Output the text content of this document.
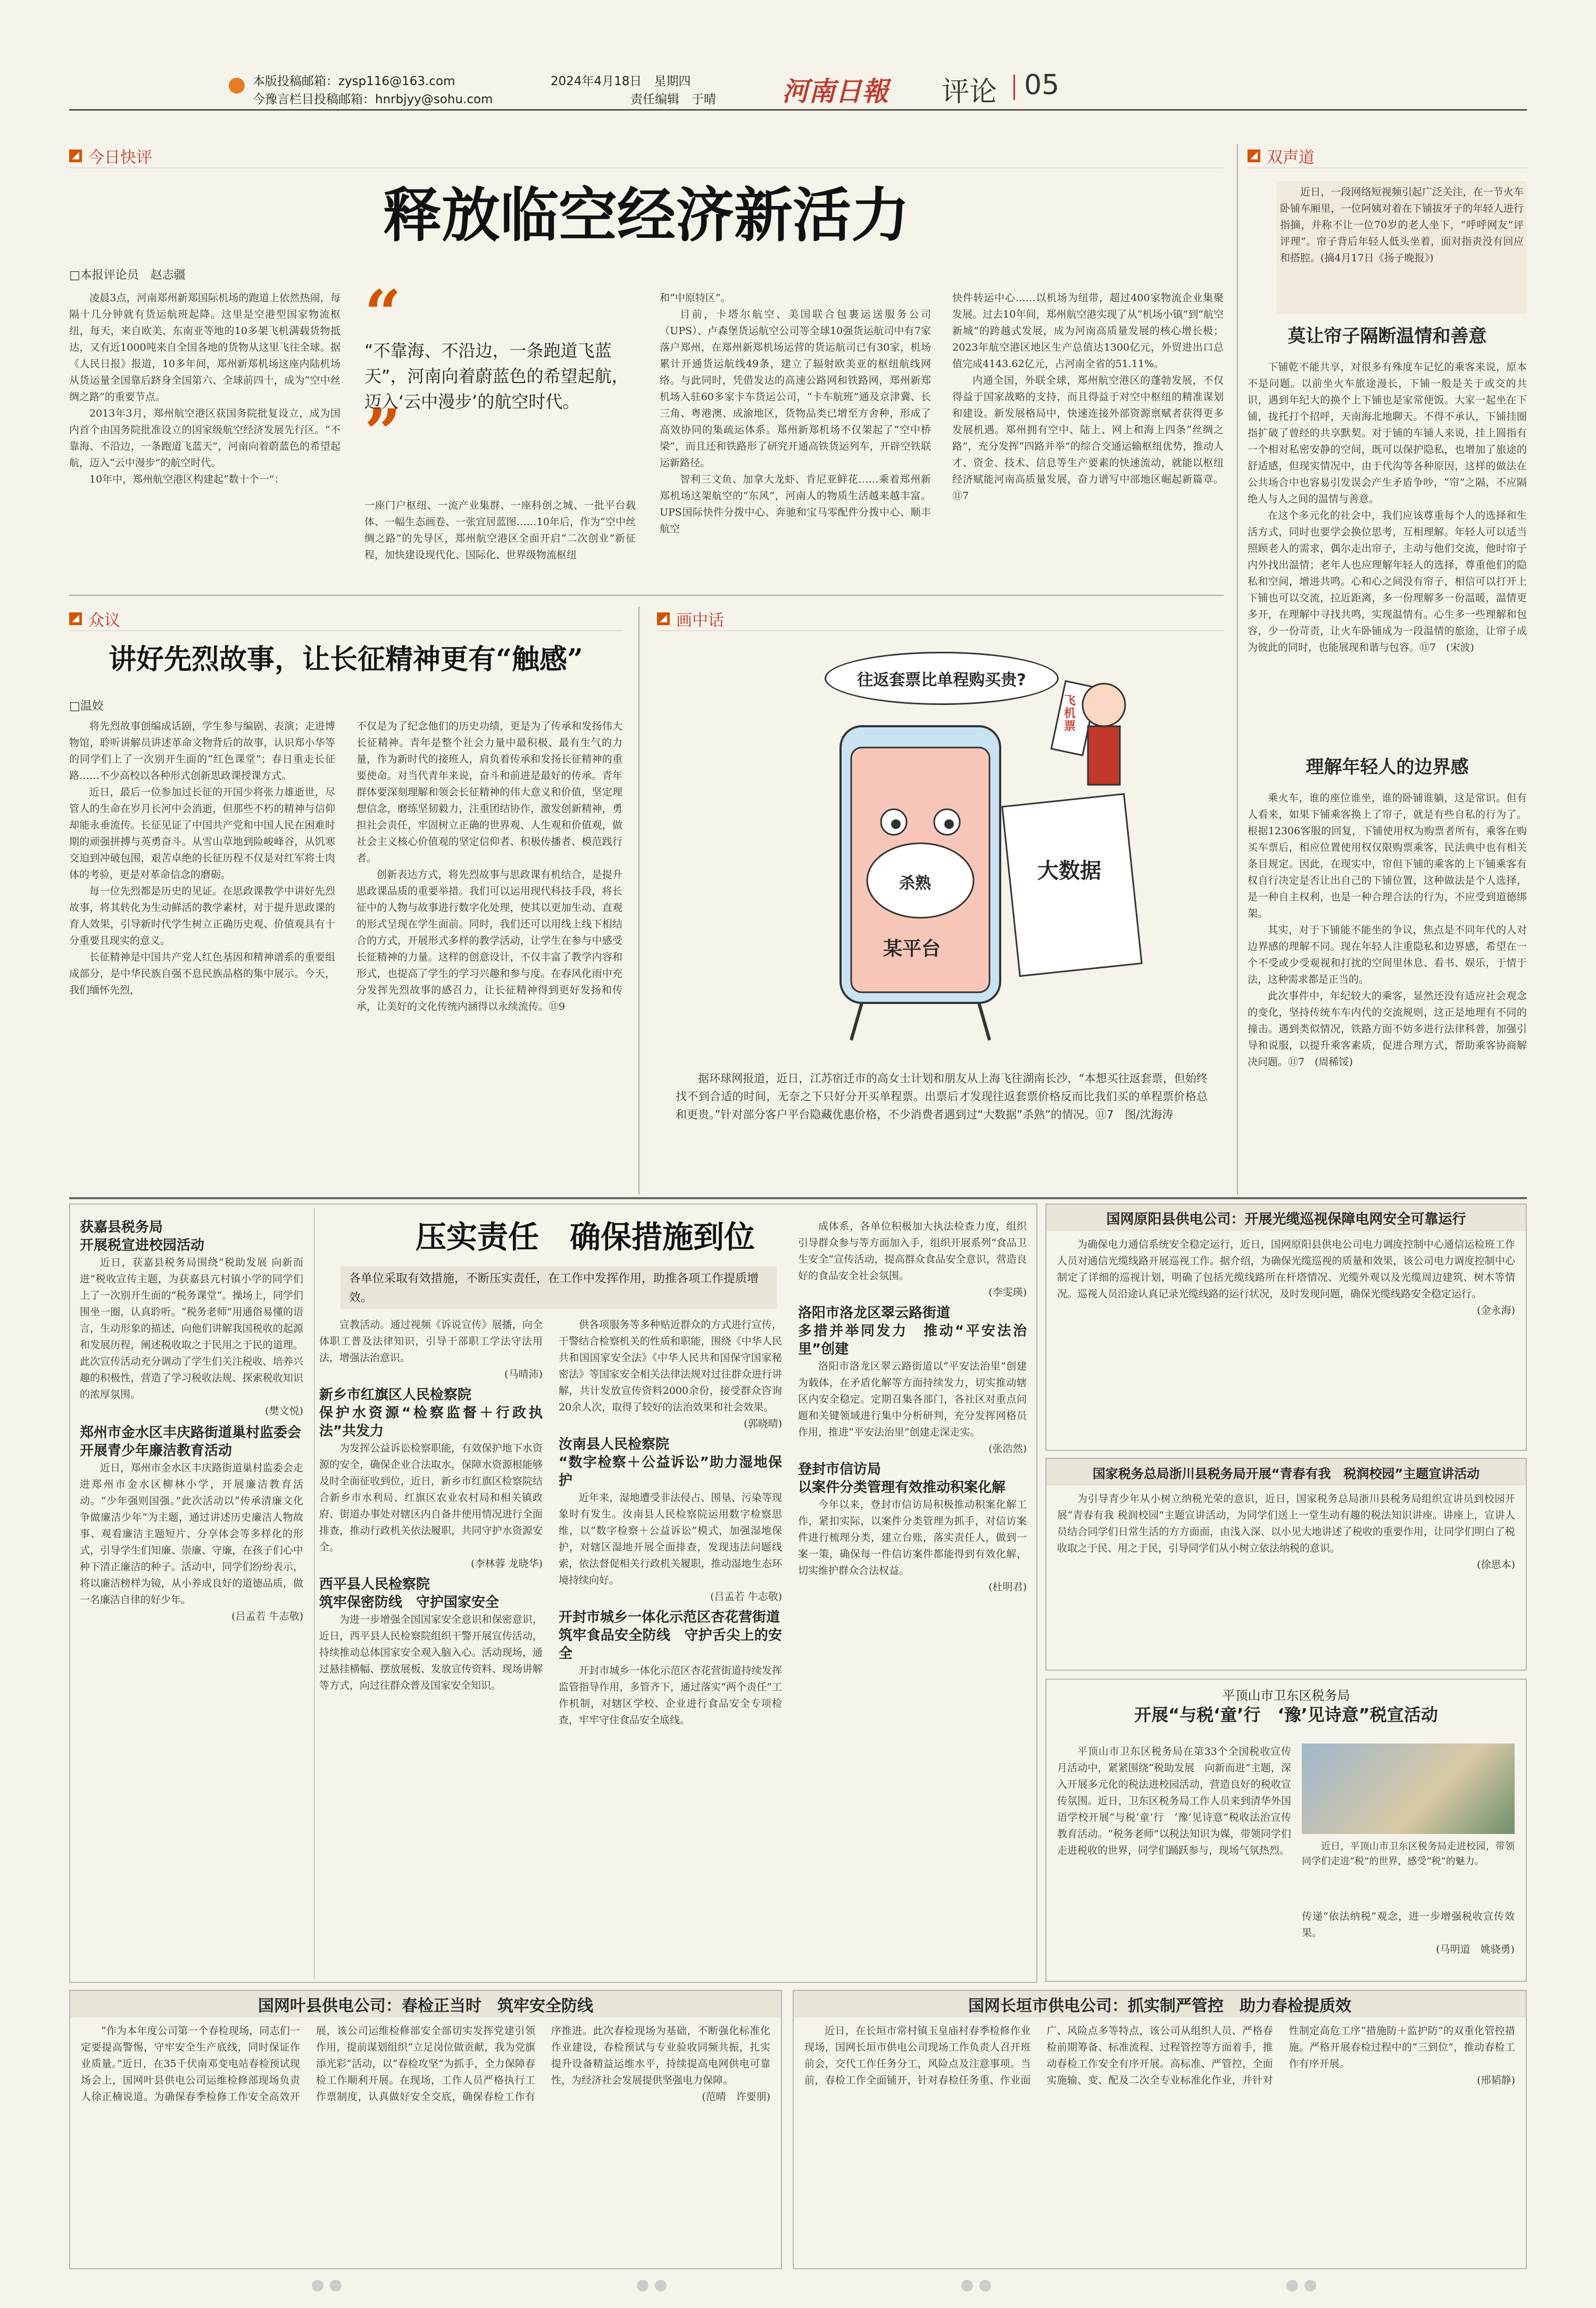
本版投稿邮箱：zysp116@163.com
今豫言栏目投稿邮箱：hnrbjyy@sohu.com
2024年4月18日　星期四
责任编辑　于晴 河南日報 评论 05
今日快评
释放临空经济新活力
□本报评论员　赵志疆

凌晨3点，河南郑州新郑国际机场的跑道上依然热闹，每隔十几分钟就有货运航班起降。这里是空港型国家物流枢纽，每天，来自欧美、东南亚等地的10多架飞机满载货物抵达，又有近1000吨来自全国各地的货物从这里飞往全球。据《人民日报》报道，10多年间，郑州新郑机场这座内陆机场从货运量全国靠后跻身全国第六、全球前四十，成为“空中丝绸之路”的重要节点。

2013年3月，郑州航空港区获国务院批复设立，成为国内首个由国务院批准设立的国家级航空经济发展先行区。“不靠海、不沿边，一条跑道飞蓝天”，河南向着蔚蓝色的希望起航，迈入“云中漫步”的航空时代。

10年中，郑州航空港区构建起“数十个一”：

“
“不靠海、不沿边，一条跑道飞蓝天”，河南向着蔚蓝色的希望起航，迈入‘云中漫步’的航空时代。
”

一座门户枢纽、一流产业集群、一座科创之城、一批平台载体、一幅生态画卷、一张宜居蓝图……10年后，作为“空中丝绸之路”的先导区，郑州航空港区全面开启“二次创业”新征程，加快建设现代化、国际化、世界级物流枢纽

和“中原特区”。

目前，卡塔尔航空、美国联合包裹运送服务公司（UPS）、卢森堡货运航空公司等全球10强货运航司中有7家落户郑州，在郑州新郑机场运营的货运航司已有30家，机场累计开通货运航线49条，建立了辐射欧美亚的枢纽航线网络。与此同时，凭借发达的高速公路网和铁路网，郑州新郑机场入驻60多家卡车货运公司，“卡车航班”通及京津冀、长三角、粤港澳、成渝地区，货物品类已增至方舍种，形成了高效协同的集疏运体系。郑州新郑机场不仅架起了“空中桥梁”，而且还和铁路形了研究开通高铁货运列车，开辟空铁联运新路径。

智利三文鱼、加拿大龙虾、肯尼亚鲜花……乘着郑州新郑机场这架航空的“东风”，河南人的物质生活越来越丰富。UPS国际快件分拨中心、奔驰和宝马零配件分拨中心、顺丰航空

快件转运中心……以机场为纽带，超过400家物流企业集聚发展。过去10年间，郑州航空港实现了从“机场小镇”到“航空新城”的跨越式发展，成为河南高质量发展的核心增长极；2023年航空港区地区生产总值达1300亿元，外贸进出口总值完成4143.62亿元，占河南全省的51.11%。

内通全国，外联全球，郑州航空港区的蓬勃发展，不仅得益于国家战略的支持，而且得益于对空中枢纽的精准谋划和建设。新发展格局中，快速连接外部资源禀赋者获得更多发展机遇。郑州拥有空中、陆上、网上和海上四条“丝绸之路”，充分发挥“四路并举”的综合交通运输枢纽优势，推动人才、资金、技术、信息等生产要素的快速流动，就能以枢纽经济赋能河南高质量发展，奋力谱写中部地区崛起新篇章。⑪7

众议
讲好先烈故事，让长征精神更有“触感”
□温姣

将先烈故事创编成话剧，学生参与编剧、表演；走进博物馆，聆听讲解员讲述革命文物背后的故事，认识郑小华等的同学们上了一次别开生面的“红色课堂”；春日重走长征路……不少高校以各种形式创新思政课授课方式。

近日，最后一位参加过长征的开国少将张力雄逝世，尽管人的生命在岁月长河中会消逝，但那些不朽的精神与信仰却能永垂流传。长征见证了中国共产党和中国人民在困难时期的顽强拼搏与英勇奋斗。从雪山草地到险峻峰谷，从饥寒交迫到冲破包围，艰苦卓绝的长征历程不仅是对红军将士肉体的考验，更是对革命信念的磨砺。

每一位先烈都是历史的见证。在思政课教学中讲好先烈故事，将其转化为生动鲜活的教学素材，对于提升思政课的育人效果，引导新时代学生树立正确历史观、价值观具有十分重要且现实的意义。

长征精神是中国共产党人红色基因和精神谱系的重要组成部分，是中华民族自强不息民族品格的集中展示。今天，我们缅怀先烈，

不仅是为了纪念他们的历史功绩，更是为了传承和发扬伟大长征精神。青年是整个社会力量中最积极、最有生气的力量，作为新时代的接班人，肩负着传承和发扬长征精神的重要使命。对当代青年来说，奋斗和前进是最好的传承。青年群体要深刻理解和领会长征精神的伟大意义和价值，坚定理想信念，磨练坚韧毅力，注重团结协作，激发创新精神，勇担社会责任，牢固树立正确的世界观、人生观和价值观，做社会主义核心价值观的坚定信仰者、积极传播者、模范践行者。

创新表达方式，将先烈故事与思政课有机结合，是提升思政课品质的重要举措。我们可以运用现代科技手段，将长征中的人物与故事进行数字化处理，使其以更加生动、直观的形式呈现在学生面前。同时，我们还可以用线上线下相结合的方式，开展形式多样的教学活动，让学生在参与中感受长征精神的力量。这样的创意设计，不仅丰富了教学内容和形式，也提高了学生的学习兴趣和参与度。在春风化雨中充分发挥先烈故事的感召力，让长征精神得到更好发扬和传承，让美好的文化传统内涵得以永续流传。⑪9

画中话
往返套票比单程购买贵?
杀熟
某平台
大数据
飞机票

据环球网报道，近日，江苏宿迁市的高女士计划和朋友从上海飞往湖南长沙，“本想买往返套票，但始终找不到合适的时间，无奈之下只好分开买单程票。出票后才发现往返套票价格反而比我们买的单程票价格总和更贵。”针对部分客户平台隐藏优惠价格，不少消费者遇到过“大数据”杀熟”的情况。⑪7　图/沈海涛

双声道

近日，一段网络短视频引起广泛关注，在一节火车卧铺车厢里，一位阿姨对着在下铺拔牙子的年轻人进行指摘，并称不让一位70岁的老人坐下，“呼呼网友“评评理”。帘子背后年轻人低头坐着，面对指责没有回应和搭腔。(摘4月17日《扬子晚报》)

莫让帘子隔断温情和善意

下铺乾不能共享，对很多有殊度车记忆的乘客来说，原本不是问题。以前坐火车旅途漫长，下铺一般是关于或交的共识，遇到年纪大的换个上下铺也是家常便饭。大家一起坐在下铺，拢托打个招呼，天南海北地聊天。不得不承认，下铺挂圈指扩破了曾经的共享默契。对于铺的车铺人来说，挂上圆指有一个相对私密安静的空间，既可以保护隐私，也增加了旅途的舒适感，但现实情况中，由于代沟等各种原因，这样的做法在公共场合中也容易引发误会产生矛盾争吵，“帘”之隔，不应隔绝人与人之间的温情与善意。

在这个多元化的社会中，我们应该尊重每个人的选择和生活方式，同时也要学会换位思考，互相理解。年轻人可以适当照顾老人的需求，偶尔走出帘子，主动与他们交流，他时帘子内外找出温情；老年人也应理解年轻人的选择，尊重他们的隐私和空间，增进共鸣。心和心之间没有帘子，相信可以打开上下铺也可以交流，拉近距离，多一份理解多一份温暖，温情更多开，在理解中寻找共鸣，实现温情有。心生多一些理解和包容，少一份苛责，让火车卧铺成为一段温情的旅途，让帘子成为彼此的同时，也能展现和谐与包容。⑪7　(宋波)

理解年轻人的边界感

乘火车，谁的座位谁坐，谁的卧铺谁躺，这是常识。但有人看来，如果下铺乘客换上了帘子，就是有些自私的行为了。根据12306客服的回复，下铺使用权为购票者所有，乘客在购买车票后，相应位置使用权仅限购票乘客，民法典中也有相关条目规定。因此，在现实中，帘但下铺的乘客的上下铺乘客有权自行决定是否让出自己的下铺位置，这种做法是个人选择，是一种自主权利，也是一种合理合法的行为，不应受到道德绑架。

其实，对于下铺能不能坐的争议，焦点是不同年代的人对边界感的理解不同。现在年轻人注重隐私和边界感，希望在一个不受或少受观视和打扰的空间里休息、看书、娱乐，于情于法，这种需求都是正当的。

此次事件中，年纪较大的乘客，显然还没有适应社会观念的变化，坚持传统车车内代的交流规则，这正是地理有不同的撞击。遇到类似情况，铁路方面不妨多进行法律科普，加强引导和说服，以提升乘客素质，促进合理方式，帮助乘客协商解决问题。⑪7　(周稀馁)

压实责任　确保措施到位
各单位采取有效措施，不断压实责任，在工作中发挥作用，助推各项工作提质增效。
获嘉县税务局
开展税宣进校园活动

近日，获嘉县税务局围绕“税助发展 向新而进”税收宣传主题，为获嘉县亢村镇小学的同学们上了一次别开生面的“税务课堂”。操场上，同学们围坐一圈，认真聆听。“税务老师”用通俗易懂的语言，生动形象的描述，向他们讲解我国税收的起源和发展历程，阐述税收取之于民用之于民的道理。此次宣传活动充分调动了学生们关注税收、培养兴趣的积极性，营造了学习税收法规、探索税收知识的浓厚氛围。

(樊文悦)
郑州市金水区丰庆路街道巢村监委会
开展青少年廉洁教育活动

近日，郑州市金水区丰庆路街道巢村监委会走进郑州市金水区柳林小学，开展廉洁教育活动。“少年强则国强。”此次活动以“传承清廉文化 争做廉洁少年”为主题，通过讲述历史廉洁人物故事、观看廉洁主题短片、分享体会等多样化的形式，引导学生们知廉、崇廉、守廉，在孩子们心中种下清正廉洁的种子。活动中，同学们纷纷表示，将以廉洁榜样为镜，从小养成良好的道德品质，做一名廉洁自律的好少年。

(吕孟若 牛志敬)

宣教活动。通过视频《诉说宣传》展播，向全体职工普及法律知识，引导干部职工学法守法用法，增强法治意识。

(马晴沛)
新乡市红旗区人民检察院
保护水资源“检察监督＋行政执法”共发力

为发挥公益诉讼检察职能，有效保护地下水资源的安全，确保企业合法取水，保障水资源根能够及时全面征收到位，近日，新乡市红旗区检察院结合新乡市水利局、红旗区农业农村局和相关镇政府、街道办事处对辖区内自备井使用情况进行全面排查，推动行政机关依法履职，共同守护水资源安全。

(李林蓉 龙晓华)
西平县人民检察院
筑牢保密防线　守护国家安全

为进一步增强全国国家安全意识和保密意识，近日，西平县人民检察院组织干警开展宣传活动，持续推动总体国家安全观入脑入心。活动现场，通过悬挂横幅、摆放展板、发放宣传资料、现场讲解等方式，向过往群众普及国家安全知识。

供各项服务等多种贴近群众的方式进行宣传，干警结合检察机关的性质和职能，围绕《中华人民共和国国家安全法》《中华人民共和国保守国家秘密法》等国家安全相关法律法规对过往群众进行讲解，共计发放宣传资料2000余份，接受群众咨询20余人次，取得了较好的法治效果和社会效果。

(郭晓晴)
汝南县人民检察院
“数字检察＋公益诉讼”助力湿地保护

近年来，湿地遭受非法侵占、围垦、污染等现象时有发生。汝南县人民检察院运用数字检察思维，以“数字检察＋公益诉讼”模式，加强湿地保护，对辖区湿地开展全面排查，发现违法问题线索，依法督促相关行政机关履职，推动湿地生态环境持续向好。

(吕孟若 牛志敬)
开封市城乡一体化示范区杏花营街道
筑牢食品安全防线　守护舌尖上的安全

开封市城乡一体化示范区杏花营街道持续发挥监管指导作用，多管齐下，通过落实“两个责任”工作机制，对辖区学校、企业进行食品安全专项检查，牢牢守住食品安全底线。

成体系，各单位积极加大执法检查力度，组织引导群众参与等方面加入手，组织开展系列“食品卫生安全”宣传活动，提高群众食品安全意识，营造良好的食品安全社会氛围。

(李雯瑛)
洛阳市洛龙区翠云路街道
多措并举同发力　推动“平安法治里”创建

洛阳市洛龙区翠云路街道以“平安法治里”创建为载体，在矛盾化解等方面持续发力，切实推动辖区内安全稳定。定期召集各部门，各社区对重点问题和关键领域进行集中分析研判，充分发挥网格员作用，推进“平安法治里”创建走深走实。

(张浩然)
登封市信访局
以案件分类管理有效推动积案化解

今年以来，登封市信访局积极推动积案化解工作，紧扣实际，以案件分类管理为抓手，对信访案件进行梳理分类，建立台账，落实责任人，做到一案一策，确保每一件信访案件都能得到有效化解，切实维护群众合法权益。

(杜明君)
国网原阳县供电公司：开展光缆巡视保障电网安全可靠运行

为确保电力通信系统安全稳定运行，近日，国网原阳县供电公司电力调度控制中心通信运检班工作人员对通信光缆线路开展巡视工作。据介绍，为确保光缆巡视的质量和效果，该公司电力调度控制中心制定了详细的巡视计划，明确了包括光缆线路所在杆塔情况、光缆外观以及光缆周边建筑、树木等情况。巡视人员沿途认真记录光缆线路的运行状况，及时发现问题，确保光缆线路安全稳定运行。

(金永海)
国家税务总局浙川县税务局开展“青春有我　税润校园”主题宣讲活动

为引导青少年从小树立纳税光荣的意识，近日，国家税务总局浙川县税务局组织宣讲员到校园开展“青春有我 税润校园”主题宣讲活动，为同学们送上一堂生动有趣的税法知识讲座。讲座上，宣讲人员结合同学们日常生活的方方面面，由浅入深、以小见大地讲述了税收的重要作用，让同学们明白了税收取之于民、用之于民，引导同学们从小树立依法纳税的意识。

(徐思本)
平顶山市卫东区税务局
开展“与税‘童’行　‘豫’见诗意”税宣活动

平顶山市卫东区税务局在第33个全国税收宣传月活动中，紧紧围绕“税助发展　向新而进”主题，深入开展多元化的税法进校园活动，营造良好的税收宣传氛围。近日，卫东区税务局工作人员来到清华外国语学校开展“与税‘童’行　‘豫’见诗意”税收法治宣传教育活动。“税务老师”以税法知识为媒，带领同学们走进税收的世界，同学们踊跃参与，现场气氛热烈。	近日，平顶山市卫东区税务局走进校园，带领同学们走进“税”的世界，感受“税”的魅力。

传递“依法纳税”观念，进一步增强税收宣传效果。

(马明道　姚骁勇)
国网叶县供电公司：春检正当时　筑牢安全防线

“作为本年度公司第一个春检现场，同志们一定要提高警惕，守牢安全生产底线，同时保证作业质量。”近日，在35千伏南邓变电站春检预试现场会上，国网叶县供电公司运维检修部现场负责人徐正楠说道。为确保春季检修工作安全高效开展，该公司运维检修部安全部切实发挥党建引领作用，提前谋划组织“立足岗位做贡献，我为党旗添光彩”活动，以“春检攻坚”为抓手，全力保障春检工作顺利开展。在现场，工作人员严格执行工作票制度，认真做好安全交底，确保春检工作有序推进。此次春检现场为基础，不断强化标准化作业建设，春检预试与专业验收同频共振，扎实提升设备精益运维水平，持续提高电网供电可靠性，为经济社会发展提供坚强电力保障。

(范晴　许要朋)
国网长垣市供电公司：抓实制严管控　助力春检提质效

近日，在长垣市常村镇玉皇庙村春季检修作业现场，国网长垣市供电公司现场工作负责人召开班前会，交代工作任务分工，风险点及注意事项。当前，春检工作全面铺开，针对春检任务重、作业面广、风险点多等特点，该公司从组织人员、严格春检前期筹备、标准流程、过程管控等方面着手，推动春检工作安全有序开展。高标准、严管控，全面实施输、变、配及二次全专业标准化作业，并针对性制定高危工序“措施防＋监护防”的双重化管控措施。严格开展春检过程中的“三到位”，推动春检工作有序开展。

(邢韬静)
